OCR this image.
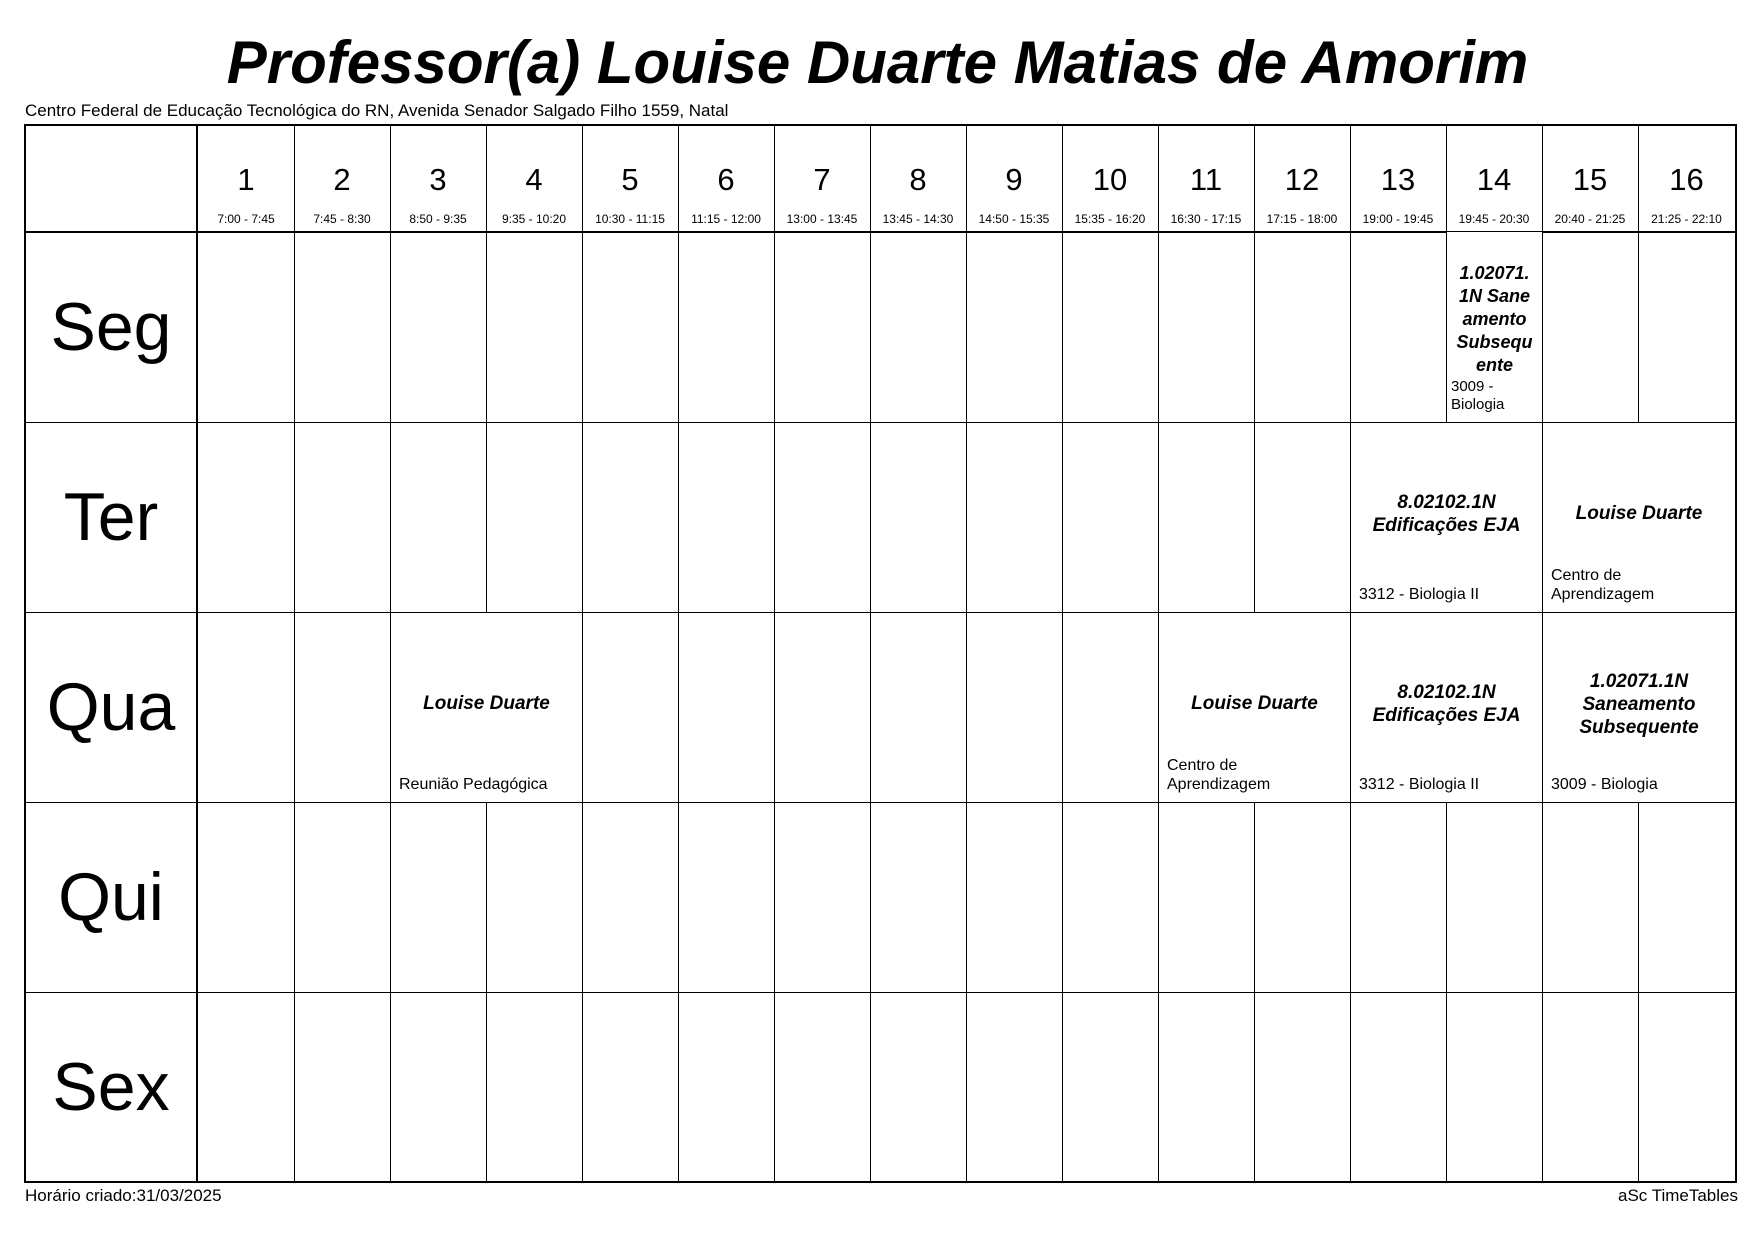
Professor(a) Louise Duarte Matias de Amorim
Centro Federal de Educação Tecnológica do RN, Avenida Senador Salgado Filho 1559, Natal
1
7:00 - 7:45
2
7:45 - 8:30
3
8:50 - 9:35
4
9:35 - 10:20
5
10:30 - 11:15
6
11:15 - 12:00
7
13:00 - 13:45
8
13:45 - 14:30
9
14:50 - 15:35
10
15:35 - 16:20
11
16:30 - 17:15
12
17:15 - 18:00
13
19:00 - 19:45
14
19:45 - 20:30
15
20:40 - 21:25
16
21:25 - 22:10
Seg
Ter
Qua
Qui
Sex
1.02071.
1N Sane
amento
Subsequ
ente
3009 -
Biologia
8.02102.1N
Edificações EJA
3312 - Biologia II
Louise Duarte
Centro de
Aprendizagem
Louise Duarte
Reunião Pedagógica
Louise Duarte
Centro de
Aprendizagem
8.02102.1N
Edificações EJA
3312 - Biologia II
1.02071.1N
Saneamento
Subsequente
3009 - Biologia
Horário criado:31/03/2025	aSc TimeTables
